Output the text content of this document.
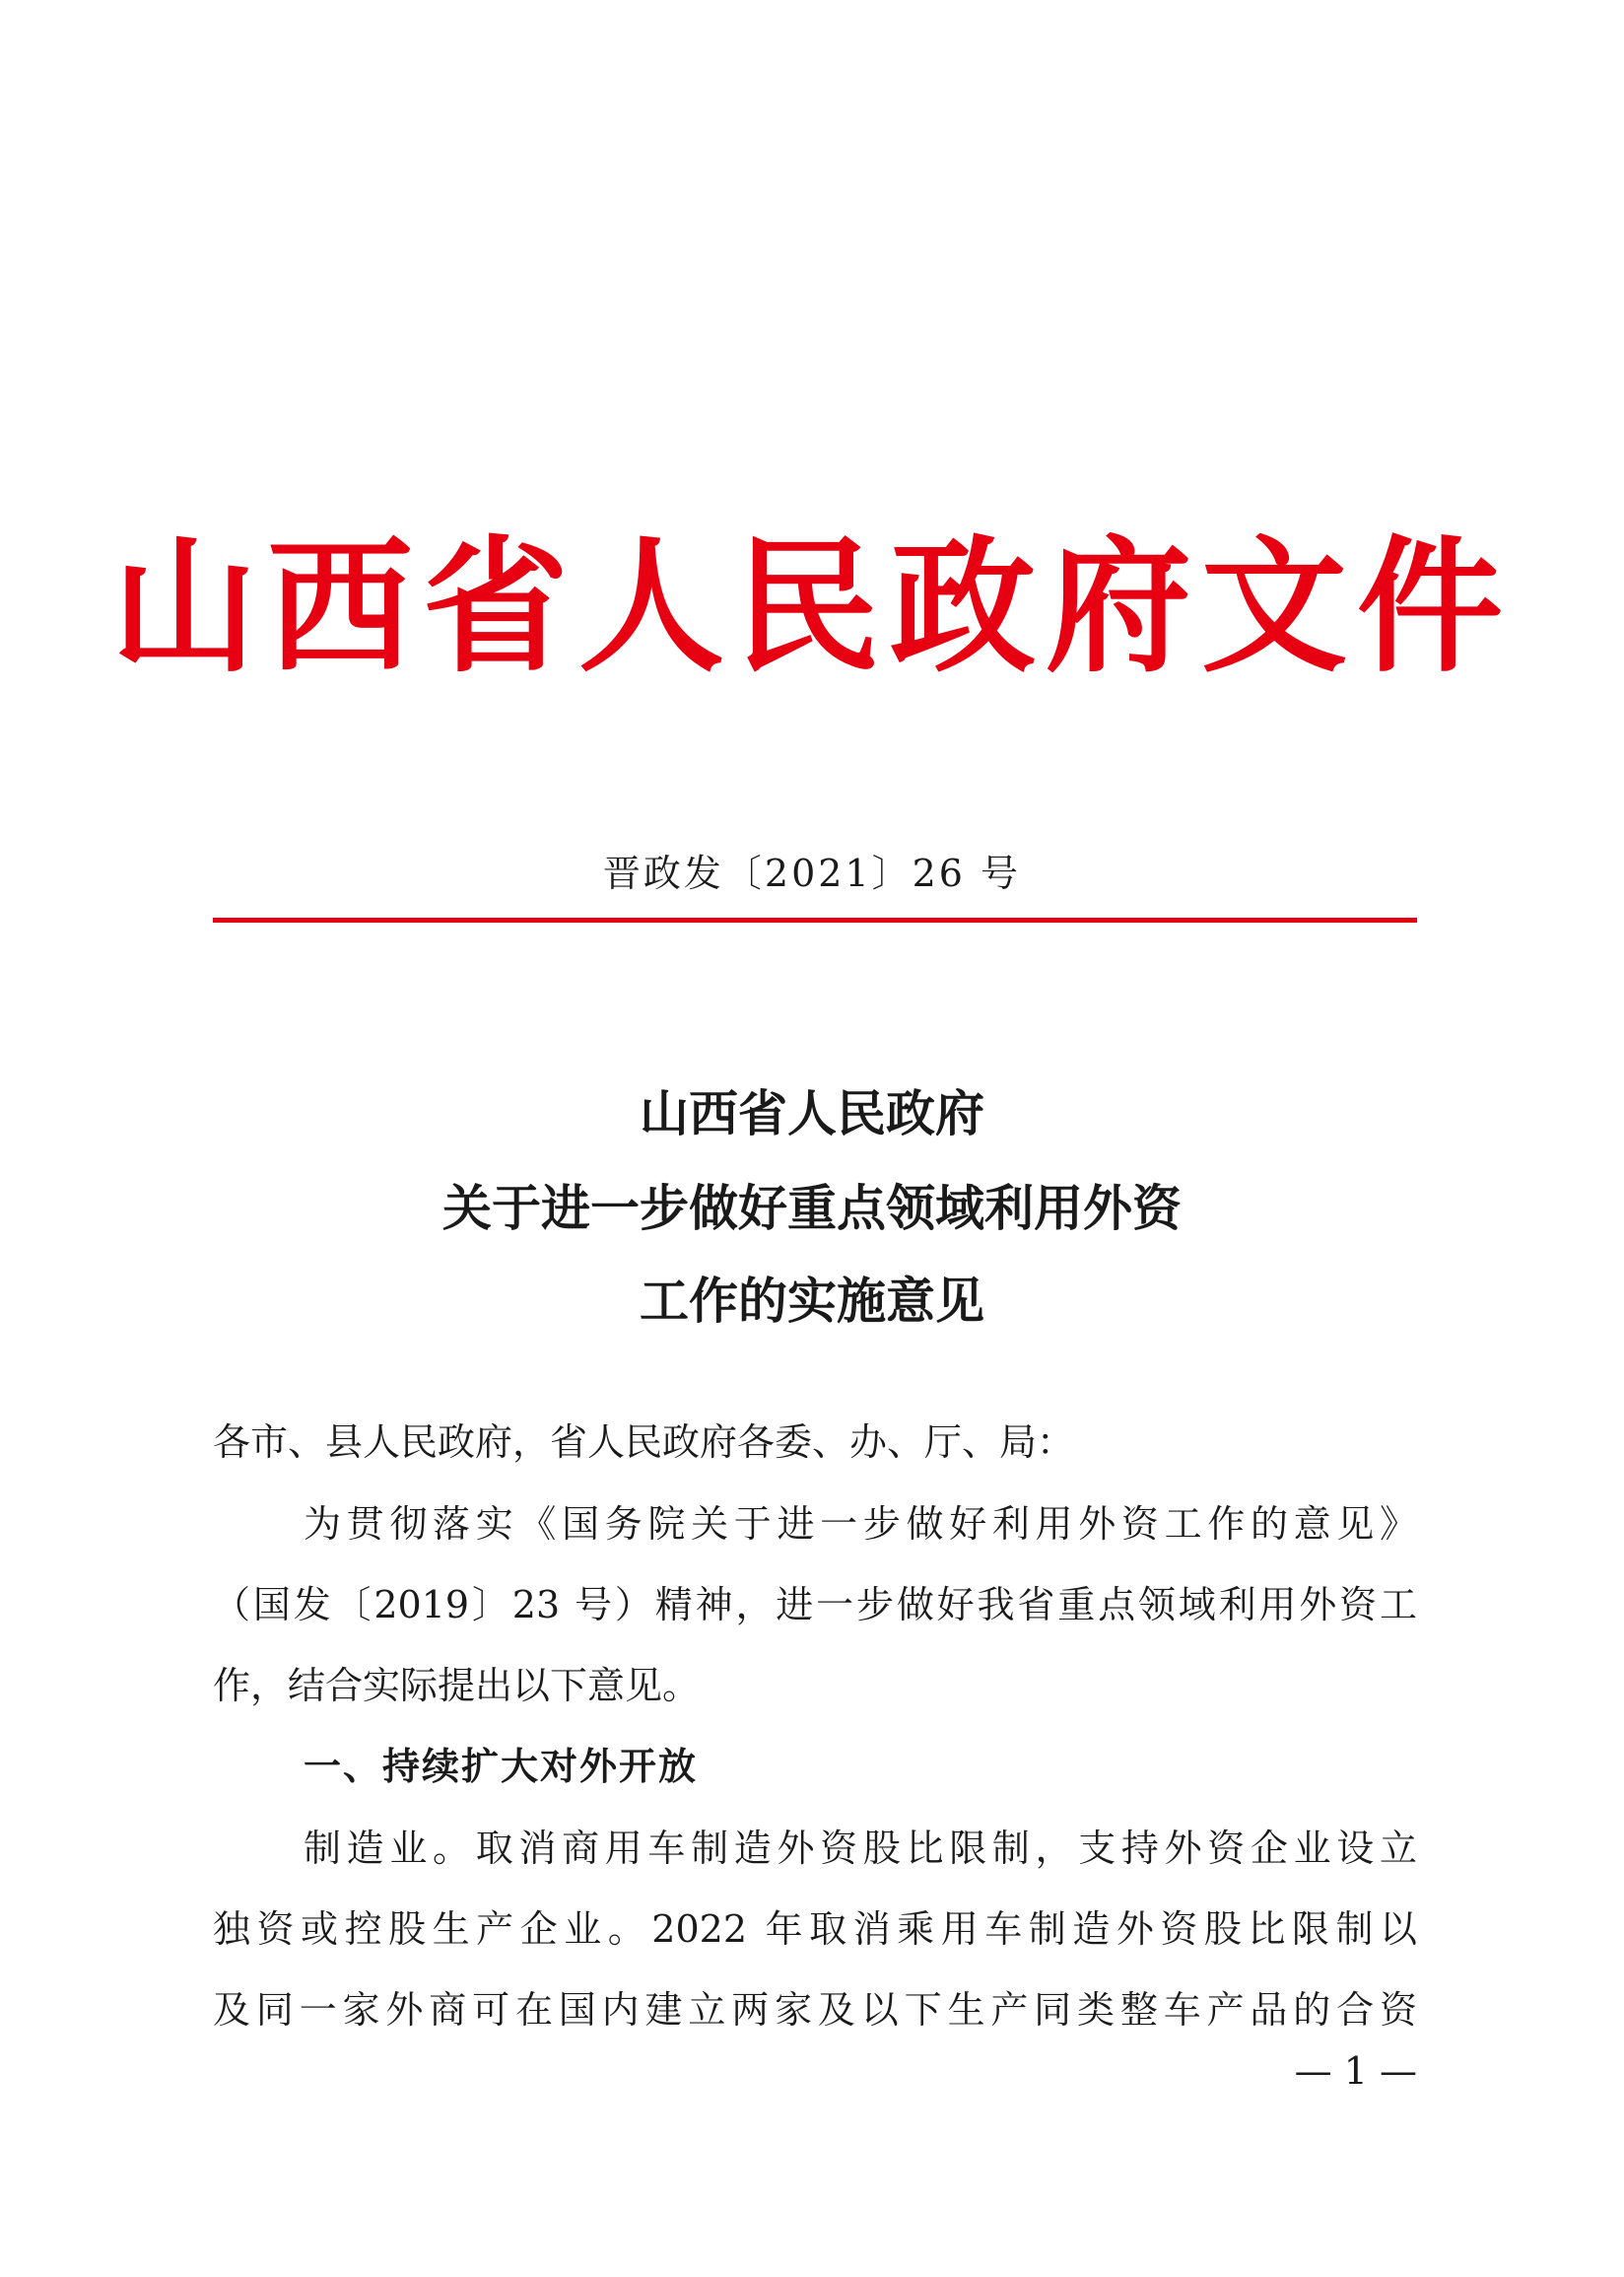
山西省人民政府文件
晋政发〔2021〕26 号
山西省人民政府
关于进一步做好重点领域利用外资
工作的实施意见
各市、县人民政府，省人民政府各委、办、厅、局：
为贯彻落实《国务院关于进一步做好利用外资工作的意见》
（国发〔2019〕23 号）精神，进一步做好我省重点领域利用外资工
作，结合实际提出以下意见。
一、持续扩大对外开放
制造业。取消商用车制造外资股比限制，支持外资企业设立
独资或控股生产企业。2022 年取消乘用车制造外资股比限制以
及同一家外商可在国内建立两家及以下生产同类整车产品的合资
— 1 —
